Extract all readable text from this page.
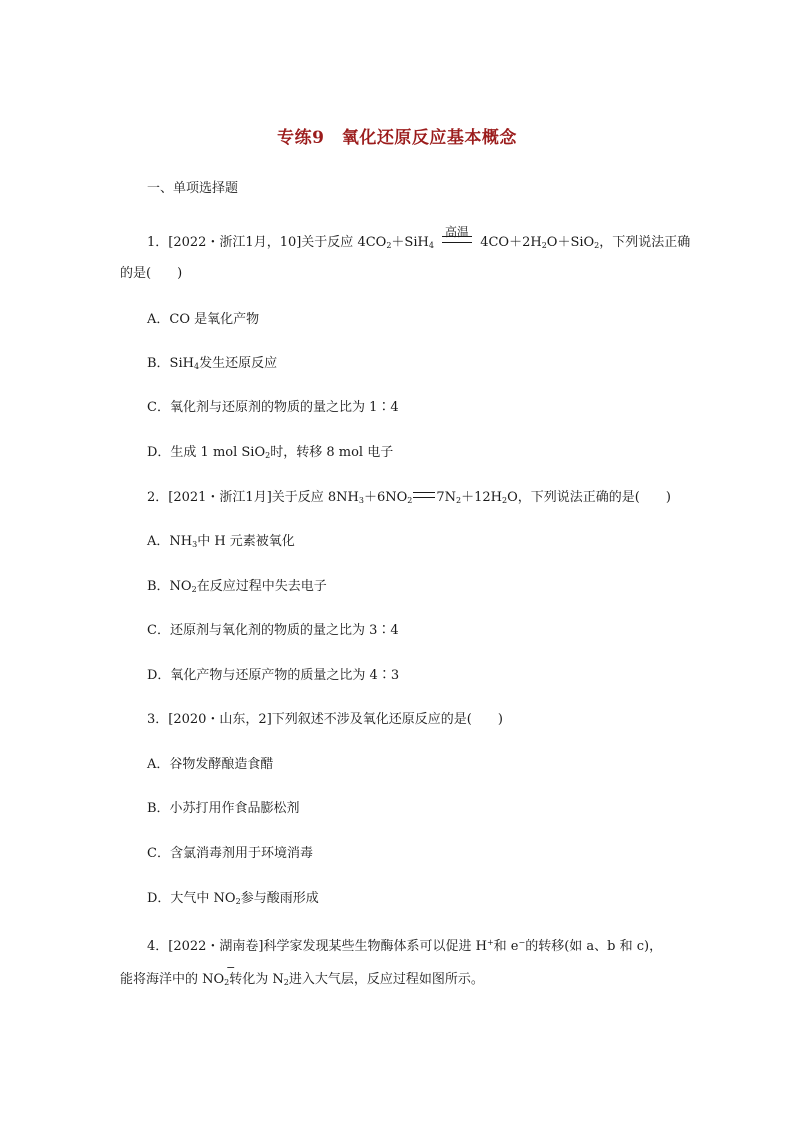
专练9　氧化还原反应基本概念
一、单项选择题
1．[2022・浙江1月，10]关于反应 $4CO_2+SiH_4$
高温
$4CO+2H_2O+SiO_2$，下列说法正确
的是(　　)
A．CO 是氧化产物
B．SiH$_4$发生还原反应
C．氧化剂与还原剂的物质的量之比为 1∶4
D．生成 1 mol SiO$_2$时，转移 8 mol 电子
2．[2021・浙江1月]关于反应 $8NH_3+6NO_2$ $7N_2+12H_2O$，下列说法正确的是(　　)
A．$NH_3$中 H 元素被氧化
B．$NO_2$在反应过程中失去电子
C．还原剂与氧化剂的物质的量之比为 3∶4
D．氧化产物与还原产物的质量之比为 4∶3
3．[2020・山东，2]下列叙述不涉及氧化还原反应的是(　　)
A．谷物发酵酿造食醋
B．小苏打用作食品膨松剂
C．含氯消毒剂用于环境消毒
D．大气中 $NO_2$参与酸雨形成
4．[2022・湖南卷]科学家发现某些生物酶体系可以促进 H+和 e−的转移(如 a、b 和 c)，
能将海洋中的 NO
−
$_2$转化为 $N_2$进入大气层，反应过程如图所示。
